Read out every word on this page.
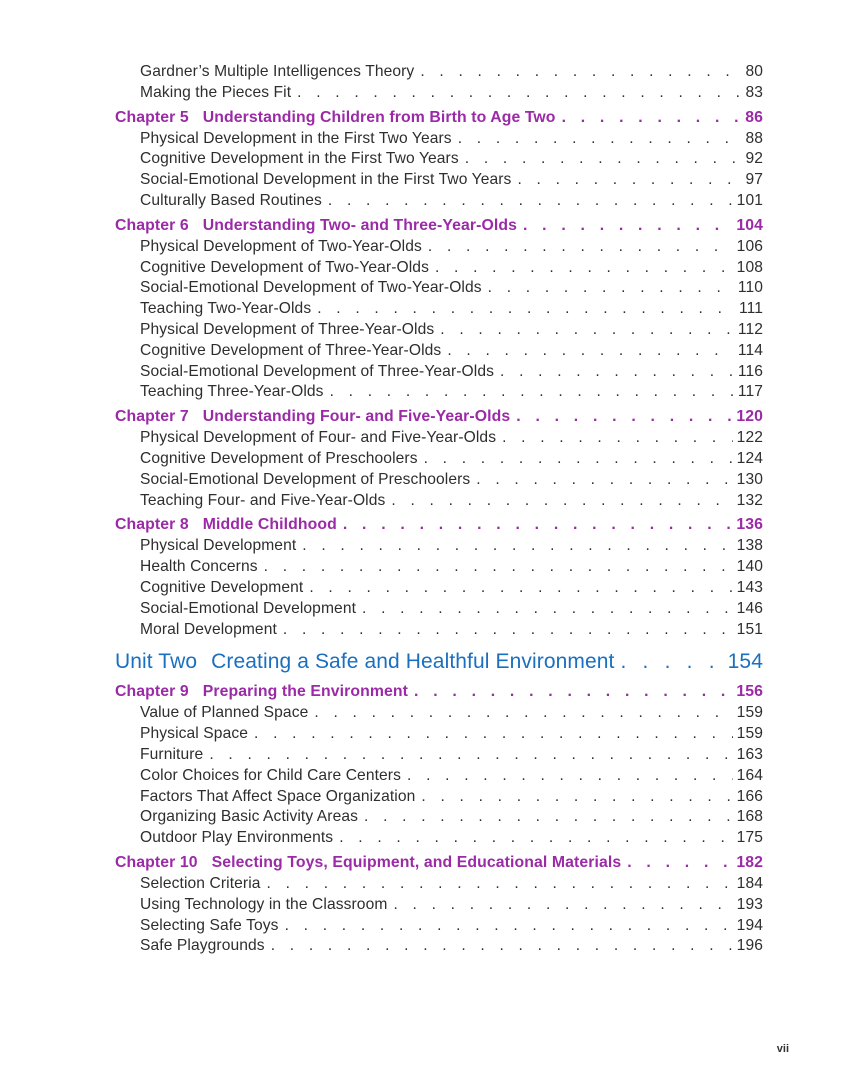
Gardner’s Multiple Intelligences Theory . . .	80
Making the Pieces Fit . . .	83
Chapter 5 Understanding Children from Birth to Age Two . . .	86
Physical Development in the First Two Years . . .	88
Cognitive Development in the First Two Years . . .	92
Social-Emotional Development in the First Two Years . . .	97
Culturally Based Routines . . .	101
Chapter 6 Understanding Two- and Three-Year-Olds . . .	104
Physical Development of Two-Year-Olds . . .	106
Cognitive Development of Two-Year-Olds . . .	108
Social-Emotional Development of Two-Year-Olds . . .	110
Teaching Two-Year-Olds . . .	111
Physical Development of Three-Year-Olds . . .	112
Cognitive Development of Three-Year-Olds . . .	114
Social-Emotional Development of Three-Year-Olds . . .	116
Teaching Three-Year-Olds . . .	117
Chapter 7 Understanding Four- and Five-Year-Olds . . .	120
Physical Development of Four- and Five-Year-Olds . . .	122
Cognitive Development of Preschoolers . . .	124
Social-Emotional Development of Preschoolers . . .	130
Teaching Four- and Five-Year-Olds . . .	132
Chapter 8 Middle Childhood . . .	136
Physical Development . . .	138
Health Concerns . . .	140
Cognitive Development . . .	143
Social-Emotional Development . . .	146
Moral Development . . .	151
Unit Two Creating a Safe and Healthful Environment . . .	154
Chapter 9 Preparing the Environment . . .	156
Value of Planned Space . . .	159
Physical Space . . .	159
Furniture . . .	163
Color Choices for Child Care Centers . . .	164
Factors That Affect Space Organization . . .	166
Organizing Basic Activity Areas . . .	168
Outdoor Play Environments . . .	175
Chapter 10 Selecting Toys, Equipment, and Educational Materials . . .	182
Selection Criteria . . .	184
Using Technology in the Classroom . . .	193
Selecting Safe Toys . . .	194
Safe Playgrounds . . .	196
vii
